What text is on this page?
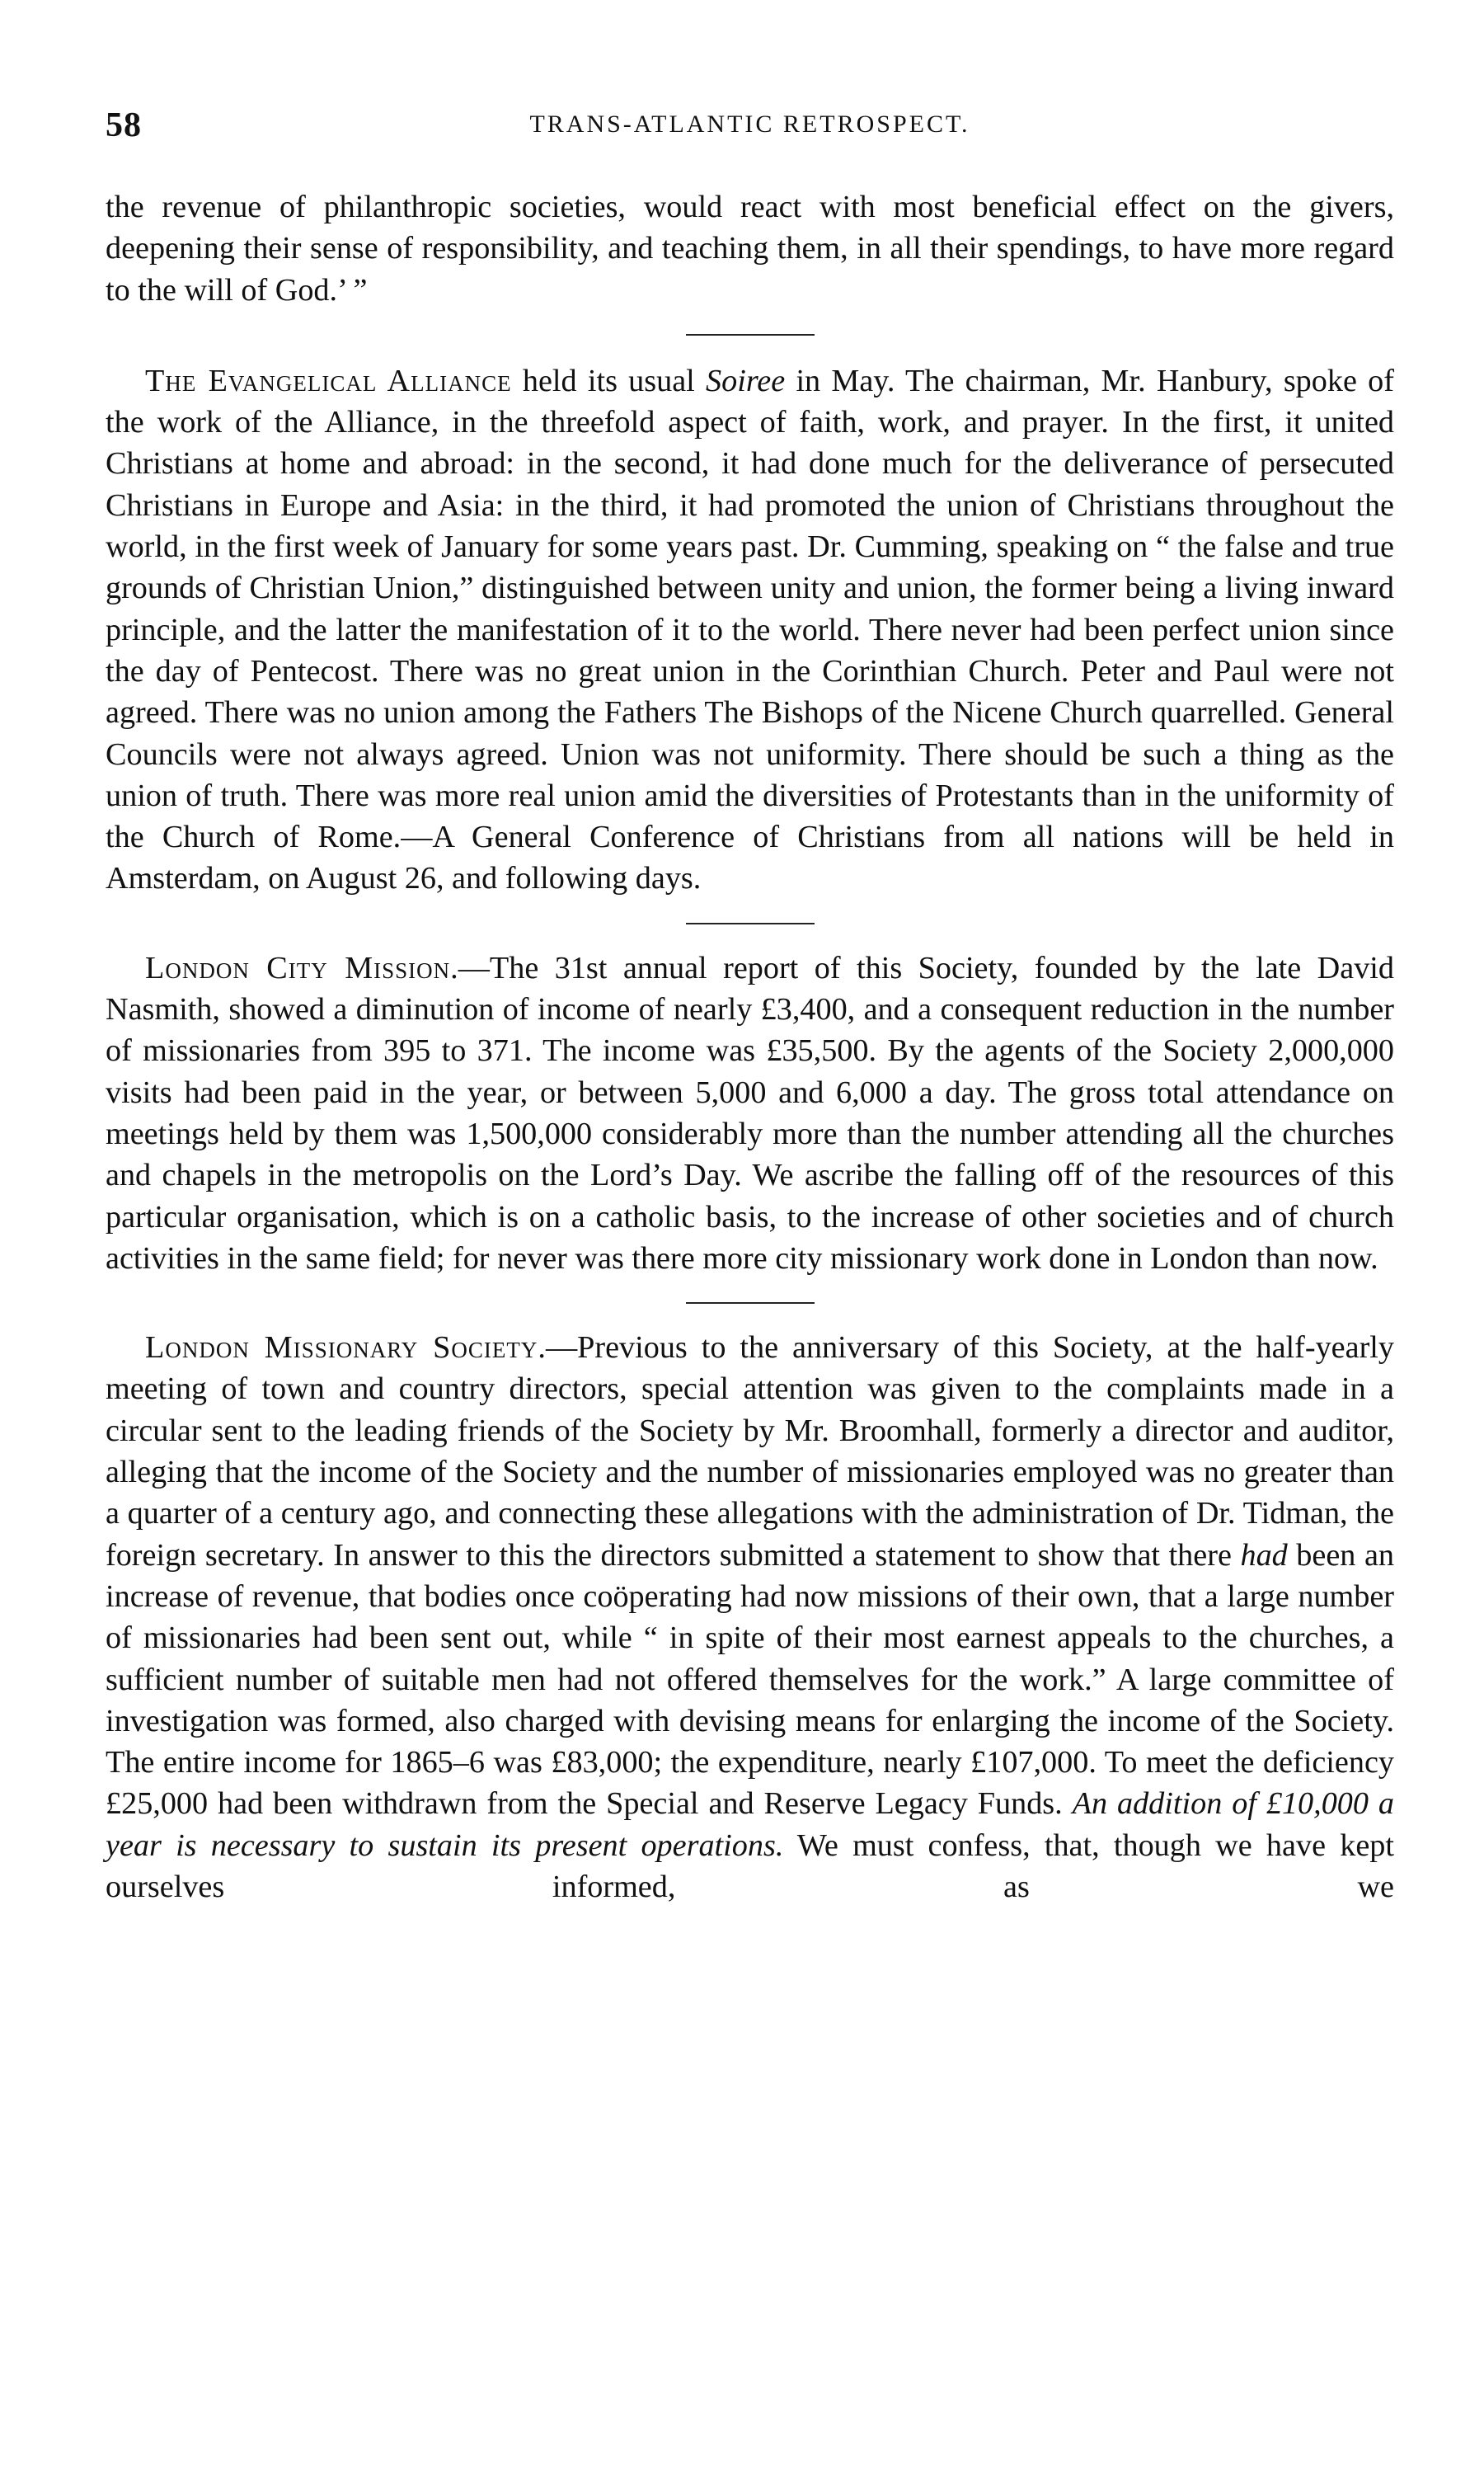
58	TRANS-ATLANTIC RETROSPECT.

the revenue of philanthropic societies, would react with most beneficial effect on the givers, deepening their sense of responsibility, and teaching them, in all their spendings, to have more regard to the will of God.’ ”

The Evangelical Alliance held its usual Soiree in May. The chairman, Mr. Hanbury, spoke of the work of the Alliance, in the threefold aspect of faith, work, and prayer. In the first, it united Christians at home and abroad: in the second, it had done much for the deliverance of persecuted Christians in Europe and Asia: in the third, it had promoted the union of Christians throughout the world, in the first week of January for some years past. Dr. Cumming, speaking on “ the false and true grounds of Christian Union,” distinguished between unity and union, the former being a living inward principle, and the latter the manifestation of it to the world. There never had been perfect union since the day of Pentecost. There was no great union in the Corinthian Church. Peter and Paul were not agreed. There was no union among the Fathers The Bishops of the Nicene Church quarrelled. General Councils were not always agreed. Union was not uniformity. There should be such a thing as the union of truth. There was more real union amid the diversities of Protestants than in the uniformity of the Church of Rome.—A General Conference of Christians from all nations will be held in Amsterdam, on August 26, and following days.

London City Mission.—The 31st annual report of this Society, founded by the late David Nasmith, showed a diminution of income of nearly £3,400, and a consequent reduction in the number of missionaries from 395 to 371. The income was £35,500. By the agents of the Society 2,000,000 visits had been paid in the year, or between 5,000 and 6,000 a day. The gross total attendance on meetings held by them was 1,500,000 considerably more than the number attending all the churches and chapels in the metropolis on the Lord’s Day. We ascribe the falling off of the resources of this particular organisation, which is on a catholic basis, to the increase of other societies and of church activities in the same field; for never was there more city missionary work done in London than now.

London Missionary Society.—Previous to the anniversary of this Society, at the half-yearly meeting of town and country directors, special attention was given to the complaints made in a circular sent to the leading friends of the Society by Mr. Broomhall, formerly a director and auditor, alleging that the income of the Society and the number of missionaries employed was no greater than a quarter of a century ago, and connecting these allegations with the administration of Dr. Tidman, the foreign secretary. In answer to this the directors submitted a statement to show that there had been an increase of revenue, that bodies once coöperating had now missions of their own, that a large number of missionaries had been sent out, while “ in spite of their most earnest appeals to the churches, a sufficient number of suitable men had not offered themselves for the work.” A large committee of investigation was formed, also charged with devising means for enlarging the income of the Society. The entire income for 1865–6 was £83,000; the expenditure, nearly £107,000. To meet the deficiency £25,000 had been withdrawn from the Special and Reserve Legacy Funds. An addition of £10,000 a year is necessary to sustain its present operations. We must confess, that, though we have kept ourselves informed, as we
